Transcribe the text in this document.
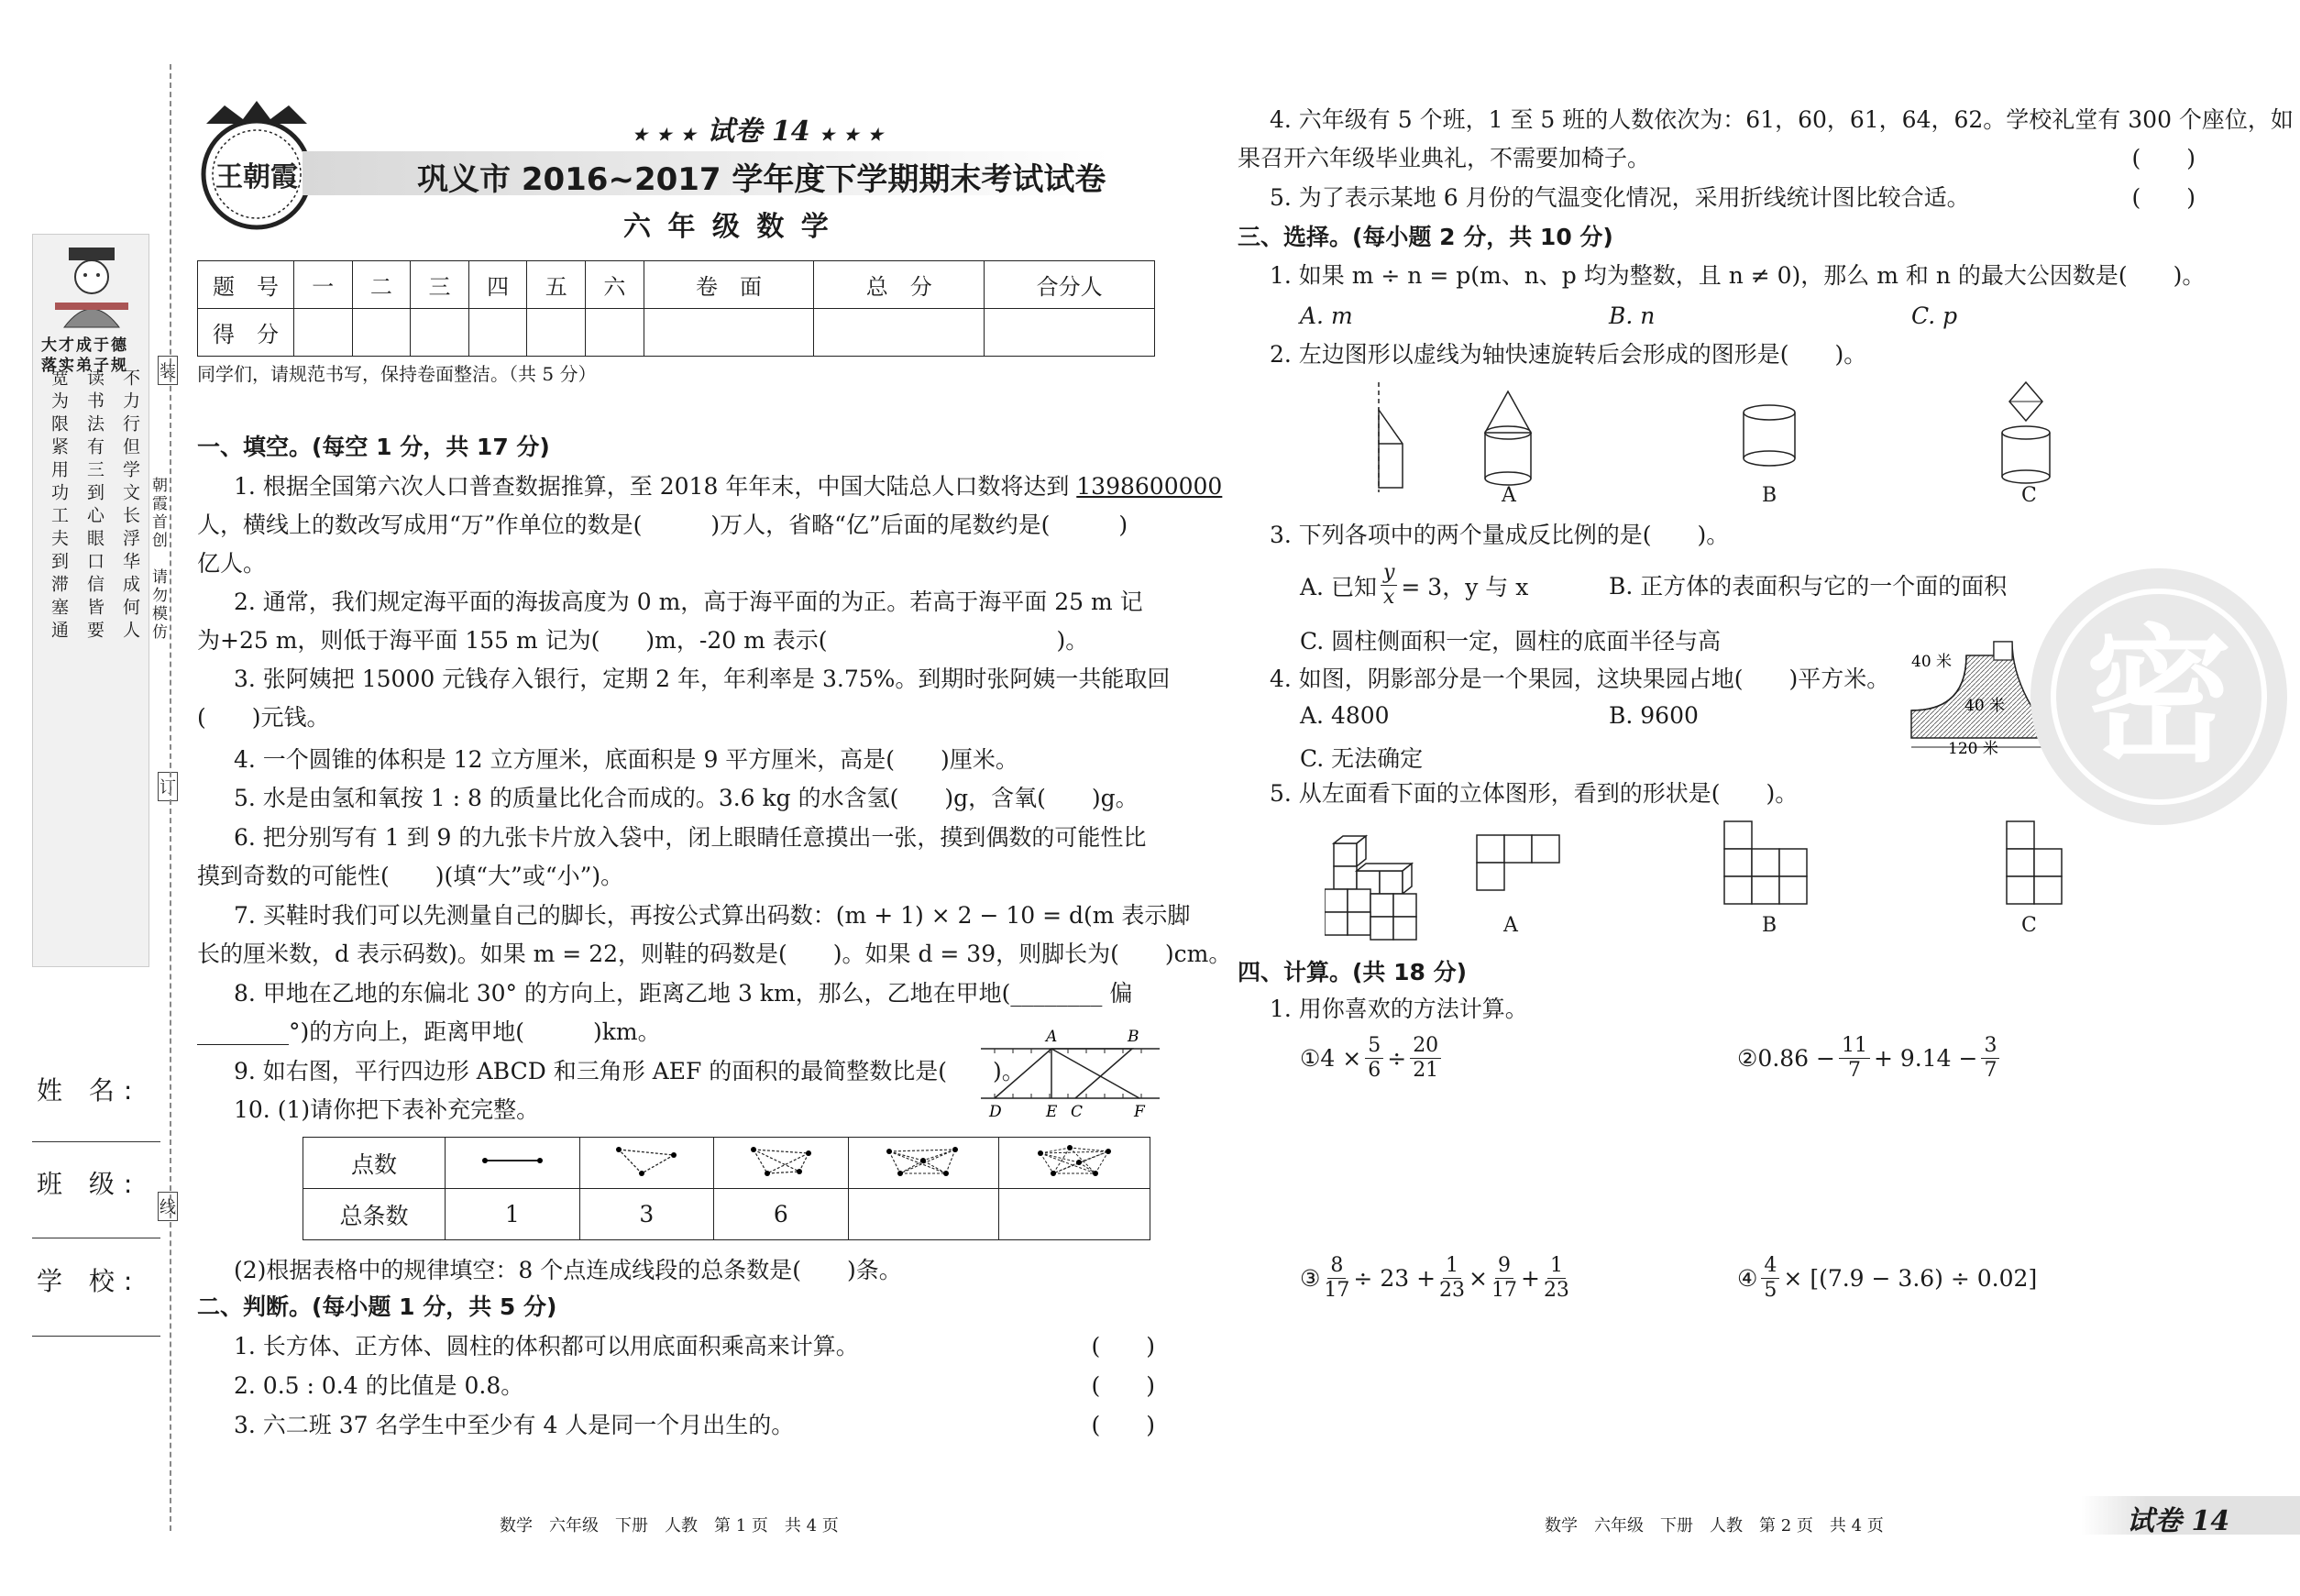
大才成于德
落实弟子规
不力行但学文长浮华成何人
读书法有三到心眼口信皆要
宽为限紧用功工夫到滞塞通	装
订
线
朝霞首创　请勿模仿
姓 名:
班 级:
学 校:
王朝霞
★ ★ ★ 试卷 14 ★ ★ ★
巩义市 2016~2017 学年度下学期期末考试试卷
六 年 级 数 学
题　号	一	二	三	四	五	六	卷　面	总　分	合分人
得　分									
同学们，请规范书写，保持卷面整洁。（共 5 分）
一、填空。(每空 1 分，共 17 分)
1. 根据全国第六次人口普查数据推算，至 2018 年年末，中国大陆总人口数将达到 1398600000
人，横线上的数改写成用“万”作单位的数是(　　　)万人，省略“亿”后面的尾数约是(　　　)
亿人。
2. 通常，我们规定海平面的海拔高度为 0 m，高于海平面的为正。若高于海平面 25 m 记
为+25 m，则低于海平面 155 m 记为(　　)m，-20 m 表示(　　　　　　　　　　)。
3. 张阿姨把 15000 元钱存入银行，定期 2 年，年利率是 3.75%。到期时张阿姨一共能取回
(　　)元钱。
4. 一个圆锥的体积是 12 立方厘米，底面积是 9 平方厘米，高是(　　)厘米。
5. 水是由氢和氧按 1 : 8 的质量比化合而成的。3.6 kg 的水含氢(　　)g，含氧(　　)g。
6. 把分别写有 1 到 9 的九张卡片放入袋中，闭上眼睛任意摸出一张，摸到偶数的可能性比
摸到奇数的可能性(　　)(填“大”或“小”)。
7. 买鞋时我们可以先测量自己的脚长，再按公式算出码数：(m + 1) × 2 − 10 = d(m 表示脚
长的厘米数，d 表示码数)。如果 m = 22，则鞋的码数是(　　)。如果 d = 39，则脚长为(　　)cm。
8. 甲地在乙地的东偏北 30° 的方向上，距离乙地 3 km，那么，乙地在甲地(________ 偏
________°)的方向上，距离甲地(　　　)km。
9. 如右图，平行四边形 ABCD 和三角形 AEF 的面积的最简整数比是(　　)。
A	B
D	E C	F
10. (1)请你把下表补充完整。
点数					
总条数	1	3	6		
(2)根据表格中的规律填空：8 个点连成线段的总条数是(　　)条。
二、判断。(每小题 1 分，共 5 分)
1. 长方体、正方体、圆柱的体积都可以用底面积乘高来计算。	(　　)
2. 0.5 : 0.4 的比值是 0.8。	(　　)
3. 六二班 37 名学生中至少有 4 人是同一个月出生的。	(　　)
数学　六年级　下册　人教　第 1 页　共 4 页
4. 六年级有 5 个班，1 至 5 班的人数依次为：61，60，61，64，62。学校礼堂有 300 个座位，如
果召开六年级毕业典礼，不需要加椅子。	(　　)
5. 为了表示某地 6 月份的气温变化情况，采用折线统计图比较合适。	(　　)
三、选择。(每小题 2 分，共 10 分)
1. 如果 m ÷ n = p(m、n、p 均为整数，且 n ≠ 0)，那么 m 和 n 的最大公因数是(　　)。
A. m	B. n	C. p
2. 左边图形以虚线为轴快速旋转后会形成的图形是(　　)。
A	B	C
3. 下列各项中的两个量成反比例的是(　　)。
A. 已知 $\frac{y}{x} = 3$，y 与 x	B. 正方体的表面积与它的一个面的面积
C. 圆柱侧面积一定，圆柱的底面半径与高
4. 如图，阴影部分是一个果园，这块果园占地(　　)平方米。
A. 4800	B. 9600
C. 无法确定
40 米
40 米
120 米
5. 从左面看下面的立体图形，看到的形状是(　　)。
A	B	C
四、计算。(共 18 分)
1. 用你喜欢的方法计算。
① $4 \times \frac{5}{6} \div \frac{20}{21}$	② $0.86 - \frac{11}{7} + 9.14 - \frac{3}{7}$
③ $\frac{8}{17} \div 23 + \frac{1}{23} \times \frac{9}{17} + \frac{1}{23}$	④ $\frac{4}{5} \times [(7.9 - 3.6) \div 0.02]$
密
数学　六年级　下册　人教　第 2 页　共 4 页	试卷 14
